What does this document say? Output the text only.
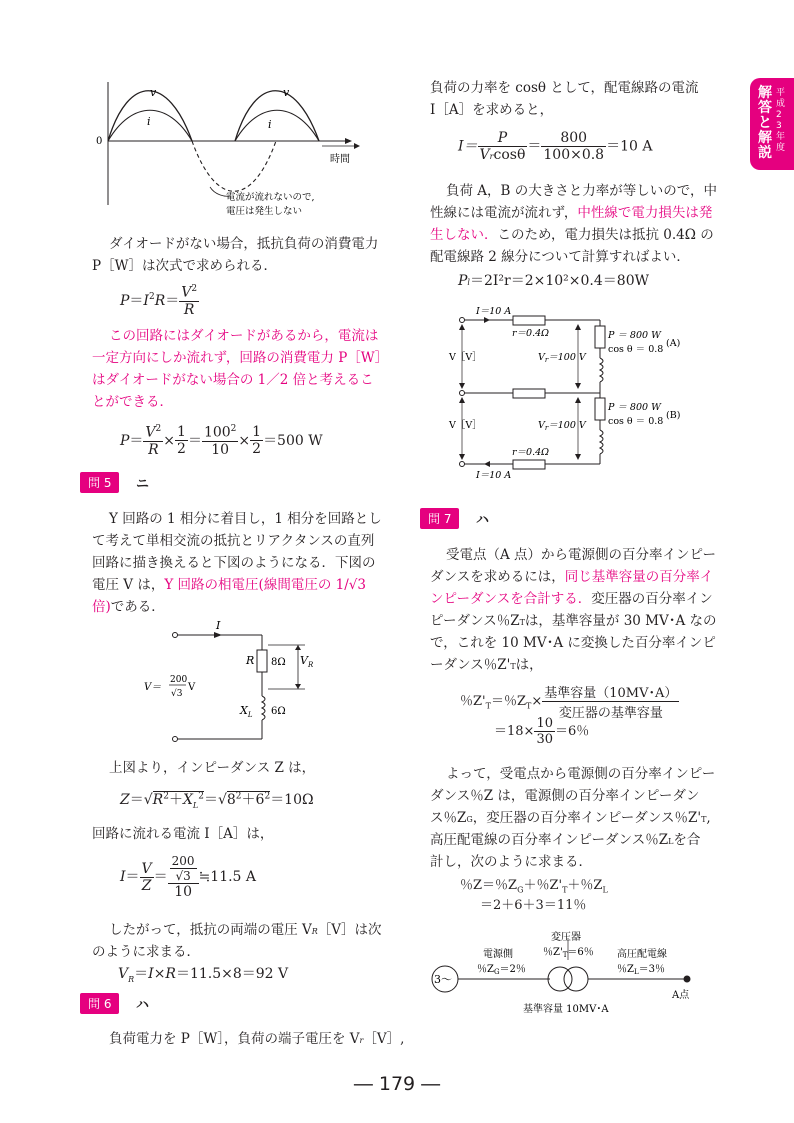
解答と解説
平成23年度
v
i
v
i
0
時間
電流が流れないので,
電圧は発生しない
ダイオードがない場合，抵抗負荷の消費電力
P［W］は次式で求められる．
$P=I^2R= \frac{V^2}{R}$
この回路にはダイオードがあるから，電流は
一定方向にしか流れず，回路の消費電力 P［W］
はダイオードがない場合の 1／2 倍と考えるこ
とができる．
$P= \frac{V^2}{R} \times \frac{1}{2} = \frac{100^2}{10} \times \frac{1}{2} =500$ W
問 5	ニ
Y 回路の 1 相分に着目し，1 相分を回路とし
て考えて単相交流の抵抗とリアクタンスの直列
回路に描き換えると下図のようになる．下図の
電圧 V は，Y 回路の相電圧(線間電圧の 1/√3
倍)である．
I
R 8Ω $V_R$
$X_L$ 6Ω
V＝
200
√3
V
上図より，インピーダンス Z は，
$Z=√R^2+X_L^2=√8^2+6^2=10\Omega$
回路に流れる電流 I［A］は，
$I= \frac{V}{Z} = \frac{\frac{200}{√3}}{10}$ ≒11.5 A
したがって，抵抗の両端の電圧 VR［V］は次
のように求まる．
$V_R=I\times R=11.5\times 8=92$ V
問 6	ハ
負荷電力を P［W］，負荷の端子電圧を Vr［V］,
負荷の力率を cosθ として，配電線路の電流
I［A］を求めると，
$I= \frac{P}{Vrcos\theta} = \frac{800}{100\times 0.8} =10$ A
負荷 A，B の大きさと力率が等しいので，中
性線には電流が流れず，中性線で電力損失は発
生しない．このため，電力損失は抵抗 0.4Ω の
配電線路 2 線分について計算すればよい．
Pl＝2I²r＝2×10²×0.4＝80W
I＝10 A
r＝0.4Ω
V［V］	$V_r=100$ V
P ＝ 800 W
cos θ ＝ 0.8
(A)
V［V］	$V_r=100$ V
P ＝ 800 W
cos θ ＝ 0.8
(B)
r＝0.4Ω
I＝10 A
問 7	ハ
受電点（A 点）から電源側の百分率インピー
ダンスを求めるには，同じ基準容量の百分率イ
ンピーダンスを合計する．変圧器の百分率イン
ピーダンス％ZTは，基準容量が 30 MV･A なの
で，これを 10 MV･A に変換した百分率インピ
ーダンス％Z'Tは，
％$Z'_T=$％$Z_T\times \frac{\text{基準容量（10MV･A）}}{\text{変圧器の基準容量}}$
$=18\times \frac{10}{30} =6$％
よって，受電点から電源側の百分率インピー
ダンス％Z は，電源側の百分率インピーダン
ス％ZG，変圧器の百分率インピーダンス％Z'T,
高圧配電線の百分率インピーダンス％ZLを合
計し，次のように求まる．
％Z＝％$Z_G+$％$Z'_T+$％$Z_L$
＝2＋6＋3＝11％
3～
電源側
％$Z_G=2$％
変圧器
％$Z'_T=6$％ 高圧配電線
％$Z_L=3$％
A点
基準容量 10MV･A
― 179 ―
